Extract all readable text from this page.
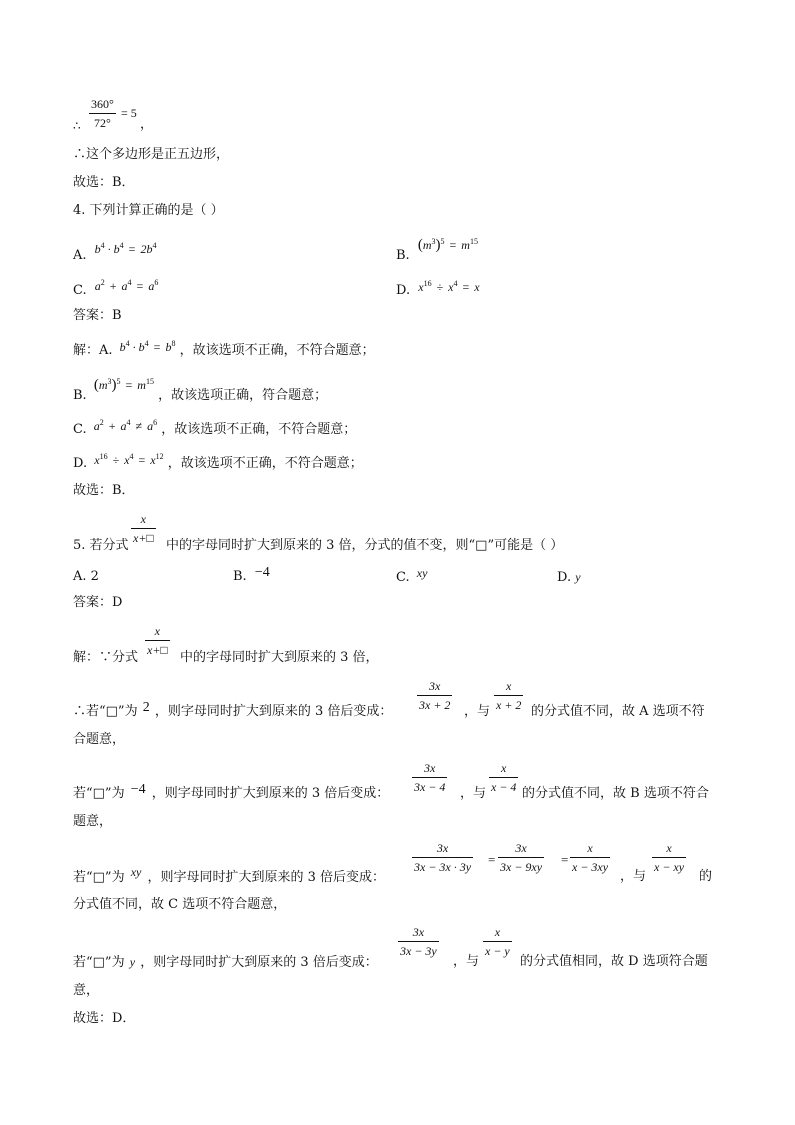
∴ $\frac{360^\circ}{72^\circ} = 5$
，
∴这个多边形是正五边形，
故选：B．
4. 下列计算正确的是（ ）
A. $b^4 \cdot b^4 = 2b^4$
B. $(m^3)^5 = m^{15}$
C. $a^2 + a^4 = a^6$
D. $x^{16} \div x^4 = x$
答案：B
解：A. $b^4 \cdot b^4 = b^8$ ，故该选项不正确，不符合题意；
B. $(m^3)^5 = m^{15}$ ，故该选项正确，符合题意；
C. $a^2 + a^4 \ne a^6$ ，故该选项不正确，不符合题意；
D. $x^{16} \div x^4 = x^{12}$ ，故该选项不正确，不符合题意；
故选：B．
5. 若分式
$\frac{x}{x+□}$
中的字母同时扩大到原来的 3 倍，分式的值不变，则“□”可能是（ ）
A. 2	B. −4	C. xy	D. y
答案：D
解：∵分式
$\frac{x}{x+□}$
中的字母同时扩大到原来的 3 倍，
∴若“□”为 2 ，则字母同时扩大到原来的 3 倍后变成： $\frac{3x}{3x + 2}$ ，与 $\frac{x}{x + 2}$ 的分式值不同，故 A 选项不符
合题意，
若“□”为 −4 ，则字母同时扩大到原来的 3 倍后变成： $\frac{3x}{3x - 4}$ ，与 $\frac{x}{x - 4}$ 的分式值不同，故 B 选项不符合
题意，
若“□”为 xy ，则字母同时扩大到原来的 3 倍后变成：
$\frac{3x}{3x - 3x \cdot 3y} = \frac{3x}{3x - 9xy} = \frac{x}{x - 3xy}$
，与
$\frac{x}{x - xy}$
的
分式值不同，故 C 选项不符合题意，
若“□”为 y ，则字母同时扩大到原来的 3 倍后变成：
$\frac{3x}{3x - 3y}$
，与
$\frac{x}{x - y}$
的分式值相同，故 D 选项符合题
意，
故选：D．
